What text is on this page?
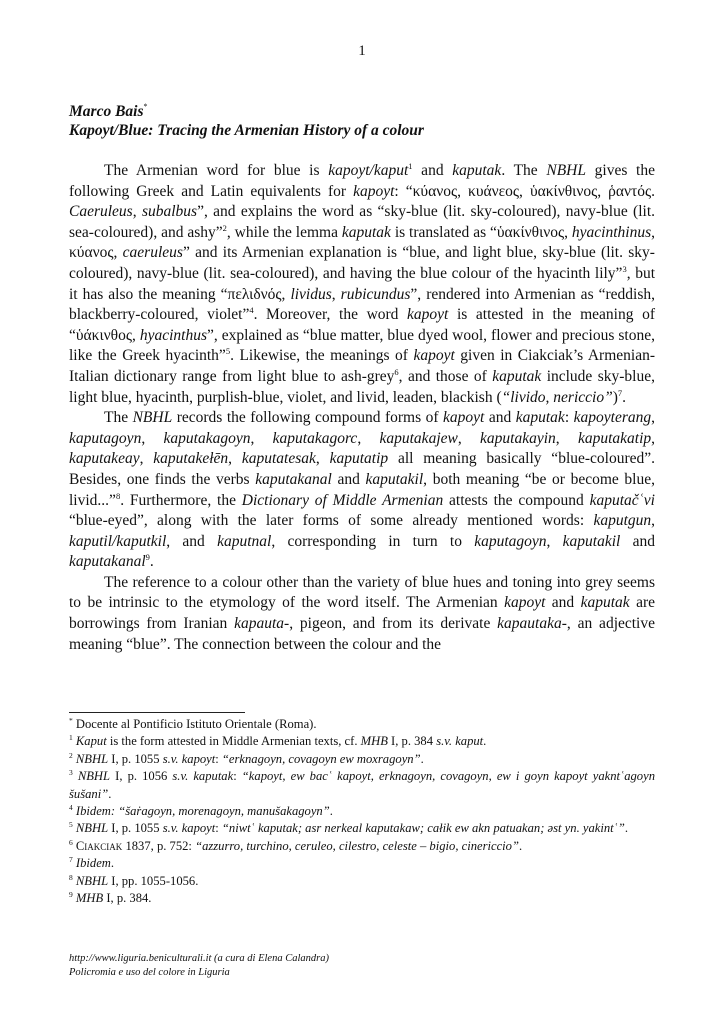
1
Marco Bais*
Kapoyt/Blue: Tracing the Armenian History of a colour

The Armenian word for blue is kapoyt/kaput$^1$ and kaputak. The NBHL gives the following Greek and Latin equivalents for kapoyt: “κύανος, κυάνεος, ὑακίνθινος, ῥαντός. Caeruleus, subalbus”, and explains the word as “sky-blue (lit. sky-coloured), navy-blue (lit. sea-coloured), and ashy”$^2$, while the lemma kaputak is translated as “ὑακίνθινος, hyacinthinus, κύανος, caeruleus” and its Armenian explanation is “blue, and light blue, sky-blue (lit. sky-coloured), navy-blue (lit. sea-coloured), and having the blue colour of the hyacinth lily”$^3$, but it has also the meaning “πελιδνός, lividus, rubicundus”, rendered into Armenian as “reddish, blackberry-coloured, violet”$^4$. Moreover, the word kapoyt is attested in the meaning of “ὑάκινθος, hyacinthus”, explained as “blue matter, blue dyed wool, flower and precious stone, like the Greek hyacinth”$^5$. Likewise, the meanings of kapoyt given in Ciakciak’s Armenian-Italian dictionary range from light blue to ash-grey$^6$, and those of kaputak include sky-blue, light blue, hyacinth, purplish-blue, violet, and livid, leaden, blackish (“livido, nericcio”)$^7$.

The NBHL records the following compound forms of kapoyt and kaputak: kapoyterang, kaputagoyn, kaputakagoyn, kaputakagorc, kaputakajew, kaputakayin, kaputakatip, kaputakeay, kaputakełēn, kaputatesak, kaputatip all meaning basically “blue-coloured”. Besides, one finds the verbs kaputakanal and kaputakil, both meaning “be or become blue, livid...”$^8$. Furthermore, the Dictionary of Middle Armenian attests the compound kaputačʿvi “blue-eyed”, along with the later forms of some already mentioned words: kaputgun, kaputil/kaputkil, and kaputnal, corresponding in turn to kaputagoyn, kaputakil and kaputakanal$^9$.

The reference to a colour other than the variety of blue hues and toning into grey seems to be intrinsic to the etymology of the word itself. The Armenian kapoyt and kaputak are borrowings from Iranian kapauta-, pigeon, and from its derivate kapautaka-, an adjective meaning “blue”. The connection between the colour and the

* Docente al Pontificio Istituto Orientale (Roma).
$^1$ Kaput is the form attested in Middle Armenian texts, cf. MHB I, p. 384 s.v. kaput.
$^2$ NBHL I, p. 1055 s.v. kapoyt: “erknagoyn, covagoyn ew moxragoyn”.
$^3$ NBHL I, p. 1056 s.v. kaputak: “kapoyt, ew bacʿ kapoyt, erknagoyn, covagoyn, ew i goyn kapoyt yakntʿagoyn šušani”.
$^4$ Ibidem: “šaṙagoyn, morenagoyn, manušakagoyn”.
$^5$ NBHL I, p. 1055 s.v. kapoyt: “niwtʿ kaputak; asr nerkeal kaputakaw; całik ew akn patuakan; əst yn. yakintʿ”.
$^6$ Ciakciak 1837, p. 752: “azzurro, turchino, ceruleo, cilestro, celeste – bigio, cinericcio”.
$^7$ Ibidem.
$^8$ NBHL I, pp. 1055-1056.
$^9$ MHB I, p. 384.
http://www.liguria.beniculturali.it (a cura di Elena Calandra)
Policromia e uso del colore in Liguria
